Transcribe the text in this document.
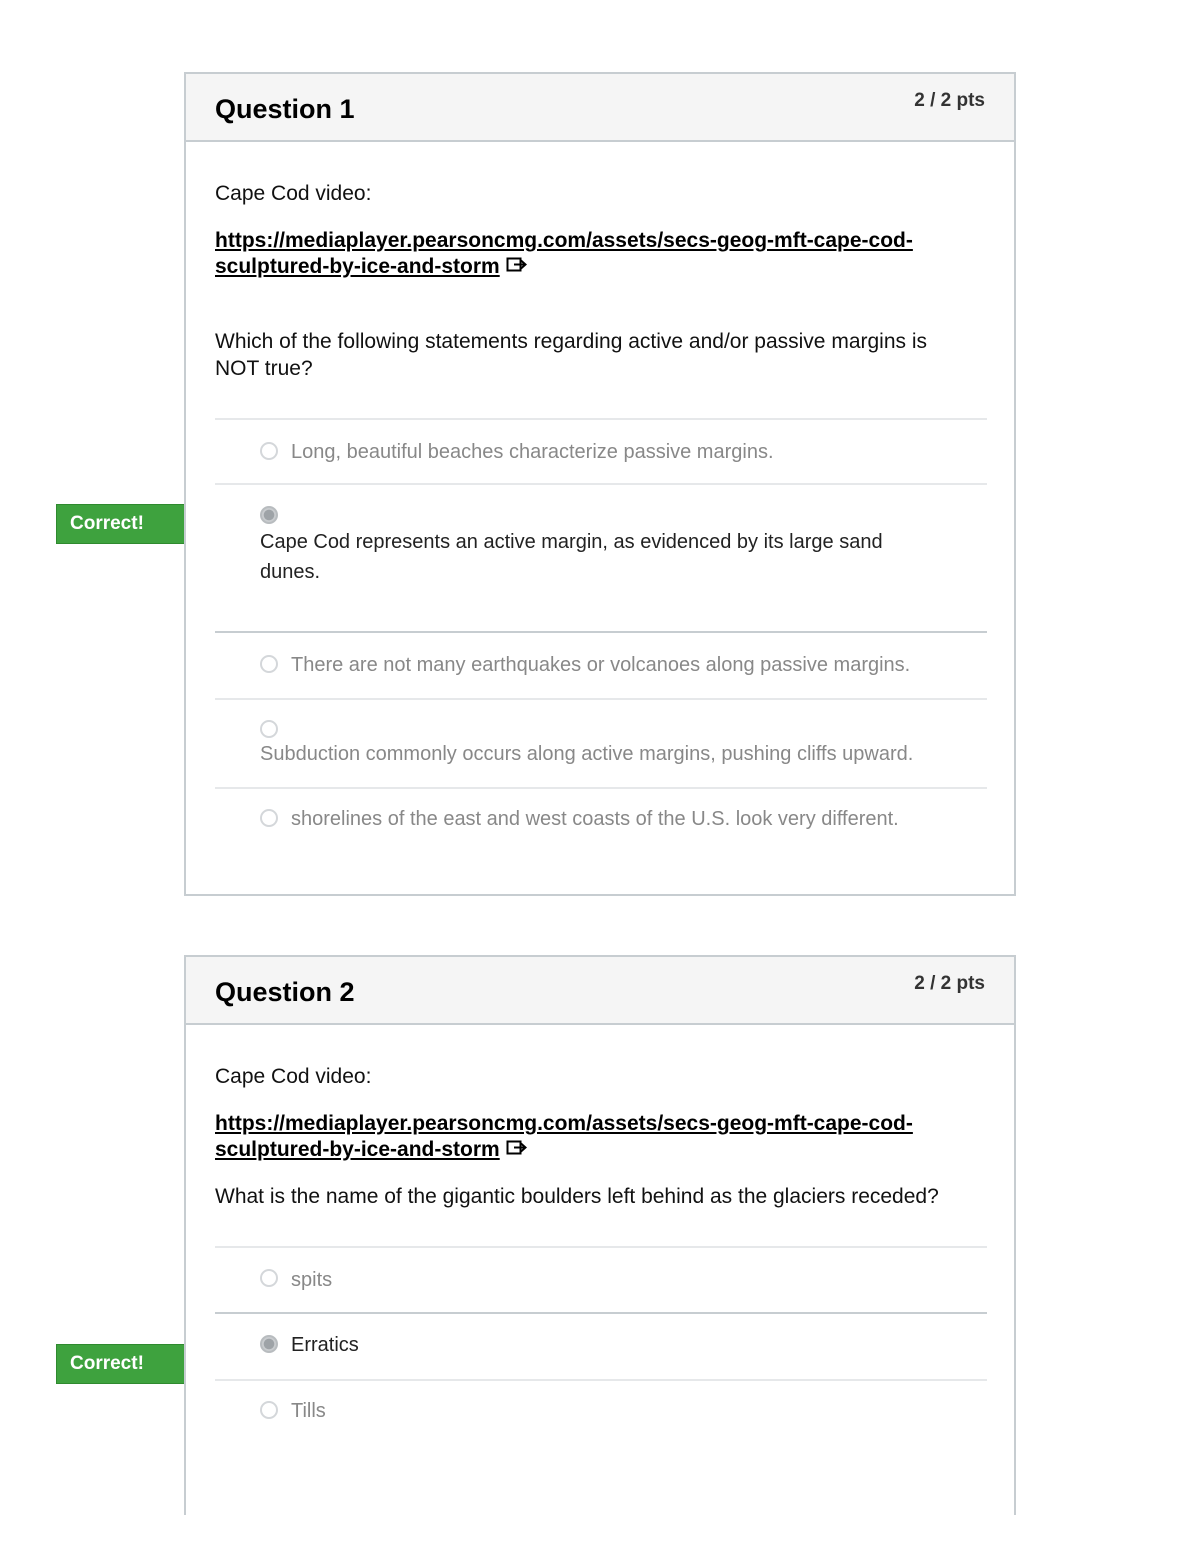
Correct!
Question 1	2 / 2 pts
Cape Cod video:
https://mediaplayer.pearsoncmg.com/assets/secs-geog-mft-cape-cod-sculptured-by-ice-and-storm
Which of the following statements regarding active and/or passive margins is NOT true?
Long, beautiful beaches characterize passive margins.
Cape Cod represents an active margin, as evidenced by its large sand dunes.
There are not many earthquakes or volcanoes along passive margins.
Subduction commonly occurs along active margins, pushing cliffs upward.
shorelines of the east and west coasts of the U.S. look very different.
Correct!
Question 2	2 / 2 pts
Cape Cod video:
https://mediaplayer.pearsoncmg.com/assets/secs-geog-mft-cape-cod-sculptured-by-ice-and-storm
What is the name of the gigantic boulders left behind as the glaciers receded?
spits
Erratics
Tills
